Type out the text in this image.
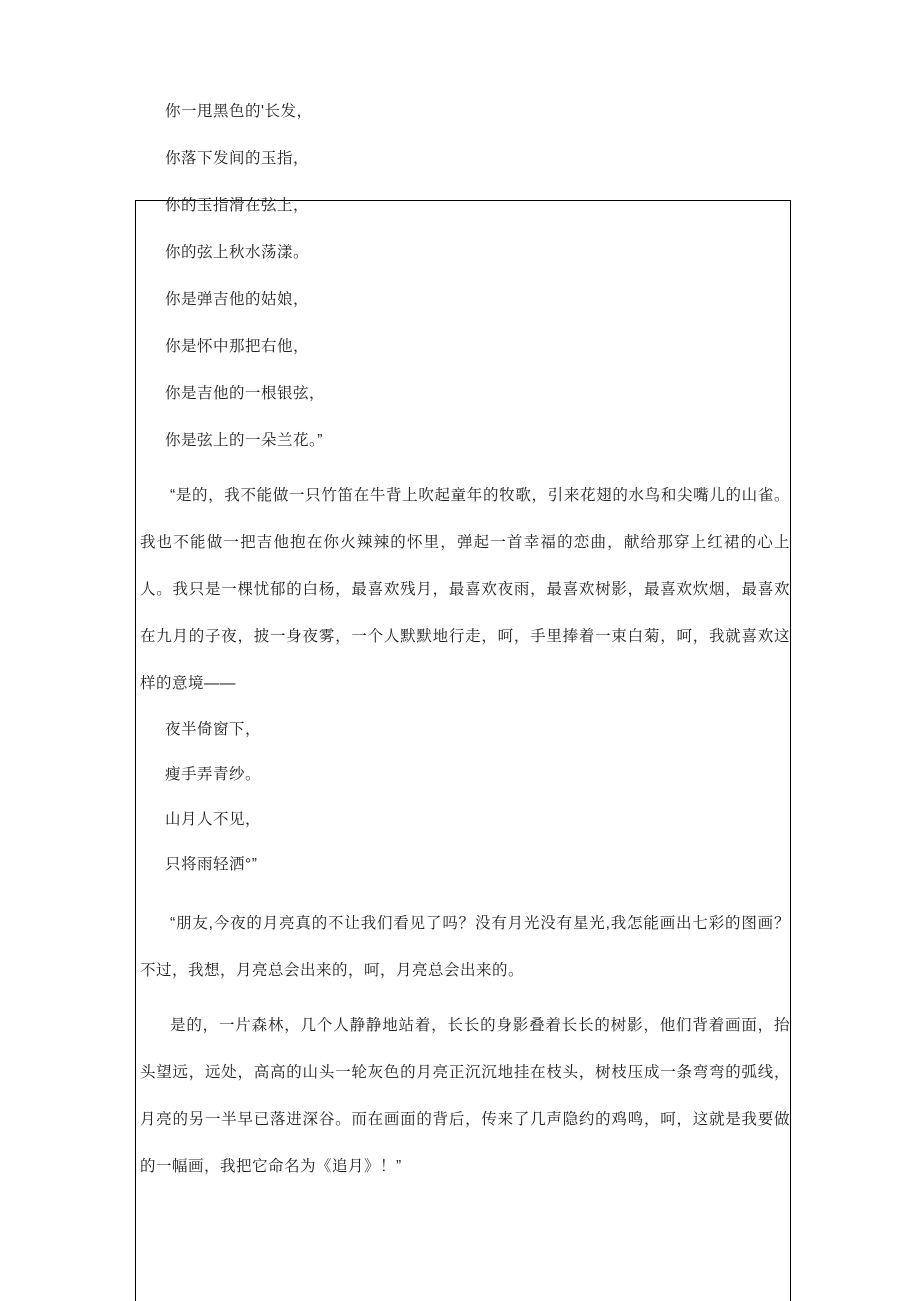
你一甩黑色的'长发，
你落下发间的玉指，
你的玉指滑在弦上，
你的弦上秋水荡漾。
你是弹吉他的姑娘，
你是怀中那把右他，
你是吉他的一根银弦，
你是弦上的一朵兰花。”
“是的，我不能做一只竹笛在牛背上吹起童年的牧歌，引来花翅的水鸟和尖嘴儿的山雀。我也不能做一把吉他抱在你火辣辣的怀里，弹起一首幸福的恋曲，献给那穿上红裙的心上人。我只是一棵忧郁的白杨，最喜欢残月，最喜欢夜雨，最喜欢树影，最喜欢炊烟，最喜欢在九月的子夜，披一身夜雾，一个人默默地行走，呵，手里捧着一束白菊，呵，我就喜欢这样的意境——
夜半倚窗下，
瘦手弄青纱。
山月人不见，
只将雨轻洒°”
“朋友,今夜的月亮真的不让我们看见了吗？没有月光没有星光,我怎能画出七彩的图画？不过，我想，月亮总会出来的，呵，月亮总会出来的。
是的，一片森林，几个人静静地站着，长长的身影叠着长长的树影，他们背着画面，抬头望远，远处，高高的山头一轮灰色的月亮正沉沉地挂在枝头，树枝压成一条弯弯的弧线，月亮的另一半早已落进深谷。而在画面的背后，传来了几声隐约的鸡鸣，呵，这就是我要做的一幅画，我把它命名为《追月》！”
